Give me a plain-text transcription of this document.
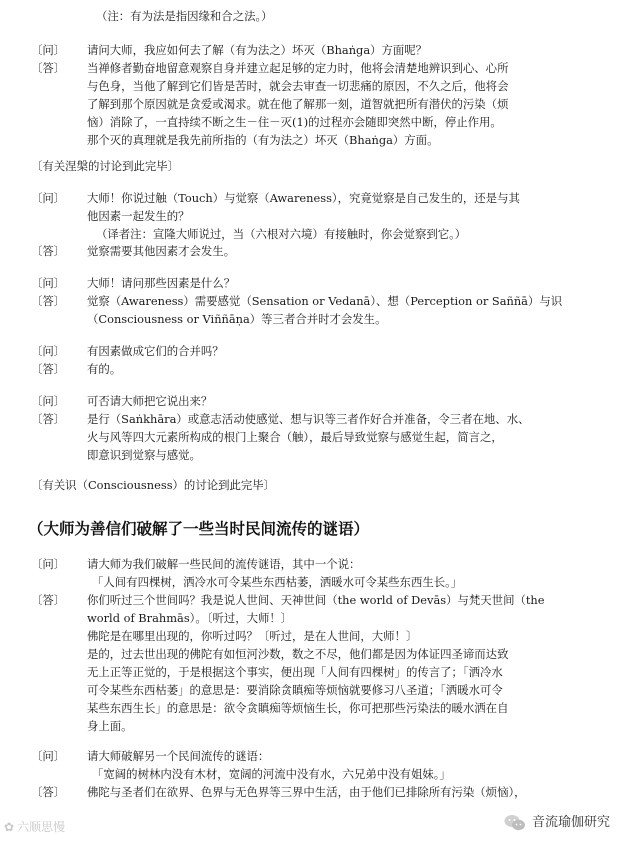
（注：有为法是指因缘和合之法。）
〔问〕 请问大师，我应如何去了解（有为法之）坏灭（Bhaṅga）方面呢？
〔答〕 当禅修者勤奋地留意观察自身并建立起足够的定力时，他将会清楚地辨识到心、心所
与色身，当他了解到它们皆是苦时，就会去审查一切悲痛的原因，不久之后，他将会
了解到那个原因就是贪爱或渴求。就在他了解那一刻，道智就把所有潜伏的污染（烦
恼）消除了，一直持续不断之生－住－灭(1)的过程亦会随即突然中断，停止作用。
那个灭的真理就是我先前所指的（有为法之）坏灭（Bhaṅga）方面。
〔有关涅槃的讨论到此完毕〕
〔问〕 大师！你说过触（Touch）与觉察（Awareness），究竟觉察是自己发生的，还是与其
他因素一起发生的？
（译者注：宣隆大师说过，当（六根对六境）有接触时，你会觉察到它。）
〔答〕 觉察需要其他因素才会发生。
〔问〕 大师！请问那些因素是什么？
〔答〕 觉察（Awareness）需要感觉（Sensation or Vedanā）、想（Perception or Saññā）与识
（Consciousness or Viññāṇa）等三者合并时才会发生。
〔问〕 有因素做成它们的合并吗？
〔答〕 有的。
〔问〕 可否请大师把它说出来？
〔答〕 是行（Saṅkhāra）或意志活动使感觉、想与识等三者作好合并准备，令三者在地、水、
火与风等四大元素所构成的根门上聚合（触），最后导致觉察与感觉生起，简言之，
即意识到觉察与感觉。
〔有关识（Consciousness）的讨论到此完毕〕
〔问〕 请大师为我们破解一些民间的流传谜语，其中一个说：
「人间有四棵树，洒冷水可令某些东西枯萎，洒暖水可令某些东西生长。」
〔答〕 你们听过三个世间吗？我是说人世间、天神世间（the world of Devās）与梵天世间（the
world of Brahmās）。〔听过，大师！〕
佛陀是在哪里出现的，你听过吗？〔听过，是在人世间，大师！〕
是的，过去世出现的佛陀有如恒河沙数，数之不尽，他们都是因为体证四圣谛而达致
无上正等正觉的，于是根据这个事实，便出现「人间有四棵树」的传言了；「洒冷水
可令某些东西枯萎」的意思是：要消除贪瞋痴等烦恼就要修习八圣道；「洒暖水可令
某些东西生长」的意思是：欲令贪瞋痴等烦恼生长，你可把那些污染法的暖水洒在自
身上面。
〔问〕 请大师破解另一个民间流传的谜语：
「宽阔的树林内没有木材，宽阔的河流中没有水，六兄弟中没有姐妹。」
〔答〕 佛陀与圣者们在欲界、色界与无色界等三界中生活，由于他们已排除所有污染（烦恼），
（大师为善信们破解了一些当时民间流传的谜语）
✿ 六顺思慢	音流瑜伽研究
